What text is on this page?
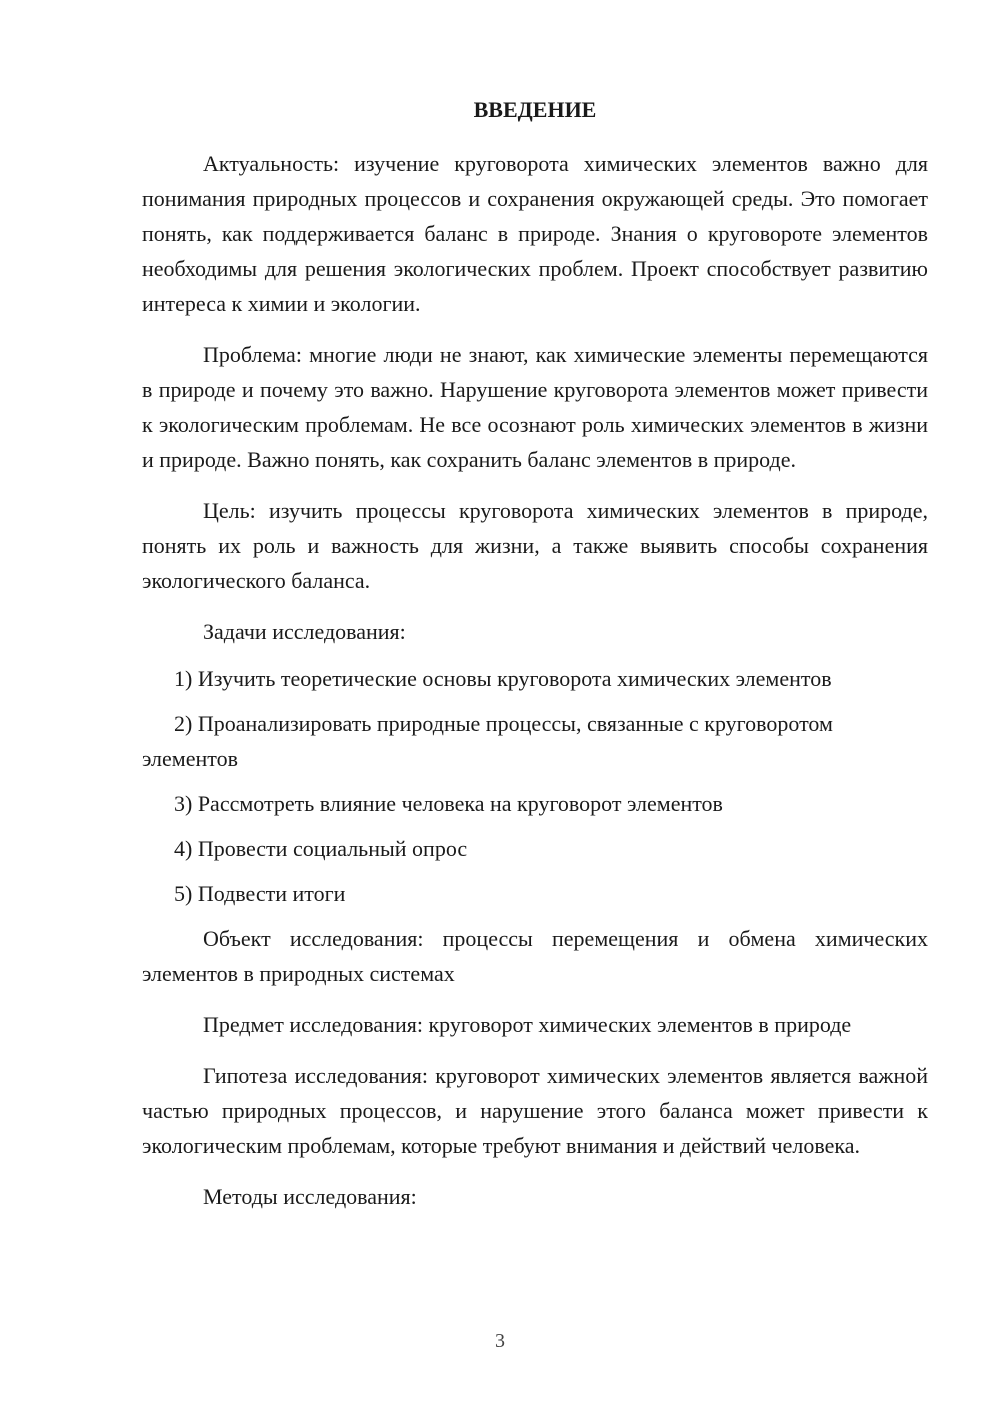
ВВЕДЕНИЕ

Актуальность: изучение круговорота химических элементов важно для понимания природных процессов и сохранения окружающей среды. Это помогает понять, как поддерживается баланс в природе. Знания о круговороте элементов необходимы для решения экологических проблем. Проект способствует развитию интереса к химии и экологии.

Проблема: многие люди не знают, как химические элементы перемещаются в природе и почему это важно. Нарушение круговорота элементов может привести к экологическим проблемам. Не все осознают роль химических элементов в жизни и природе. Важно понять, как сохранить баланс элементов в природе.

Цель: изучить процессы круговорота химических элементов в природе, понять их роль и важность для жизни, а также выявить способы сохранения экологического баланса.

Задачи исследования:

1) Изучить теоретические основы круговорота химических элементов

2) Проанализировать природные процессы, связанные с круговоротом элементов

3) Рассмотреть влияние человека на круговорот элементов

4) Провести социальный опрос

5) Подвести итоги

Объект исследования: процессы перемещения и обмена химических элементов в природных системах

Предмет исследования: круговорот химических элементов в природе

Гипотеза исследования: круговорот химических элементов является важной частью природных процессов, и нарушение этого баланса может привести к экологическим проблемам, которые требуют внимания и действий человека.

Методы исследования:

3
